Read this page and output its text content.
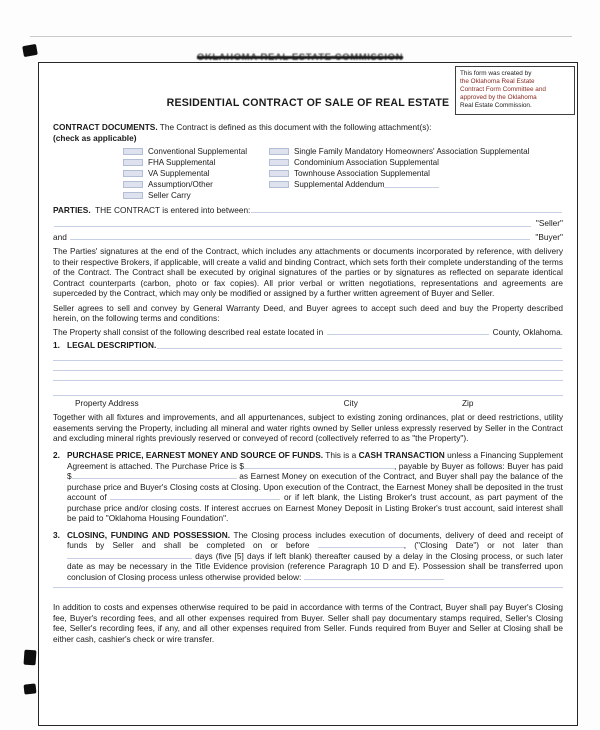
OKLAHOMA REAL ESTATE COMMISSION
This form was created by
the Oklahoma Real Estate
Contract Form Committee and
approved by the Oklahoma
Real Estate Commission.
RESIDENTIAL CONTRACT OF SALE OF REAL ESTATE

CONTRACT DOCUMENTS. The Contract is defined as this document with the following attachment(s):
(check as applicable)

Conventional Supplemental
FHA Supplemental
VA Supplemental
Assumption/Other
Seller Carry
Single Family Mandatory Homeowners' Association Supplemental
Condominium Association Supplemental
Townhouse Association Supplemental
Supplemental Addendum
PARTIES. THE CONTRACT is entered into between:
"Seller"
and	"Buyer"

The Parties' signatures at the end of the Contract, which includes any attachments or documents incorporated by reference, with delivery to their respective Brokers, if applicable, will create a valid and binding Contract, which sets forth their complete understanding of the terms of the Contract. The Contract shall be executed by original signatures of the parties or by signatures as reflected on separate identical Contract counterparts (carbon, photo or fax copies). All prior verbal or written negotiations, representations and agreements are superceded by the Contract, which may only be modified or assigned by a further written agreement of Buyer and Seller.

Seller agrees to sell and convey by General Warranty Deed, and Buyer agrees to accept such deed and buy the Property described herein, on the following terms and conditions:

The Property shall consist of the following described real estate located in	County, Oklahoma.
1. LEGAL DESCRIPTION.
Property Address	City	Zip

Together with all fixtures and improvements, and all appurtenances, subject to existing zoning ordinances, plat or deed restrictions, utility easements serving the Property, including all mineral and water rights owned by Seller unless expressly reserved by Seller in the Contract and excluding mineral rights previously reserved or conveyed of record (collectively referred to as "the Property").

2. PURCHASE PRICE, EARNEST MONEY AND SOURCE OF FUNDS. This is a CASH TRANSACTION unless a Financing Supplement Agreement is attached. The Purchase Price is $	, payable by Buyer as follows: Buyer has paid $	as Earnest Money on execution of the Contract, and Buyer shall pay the balance of the purchase price and Buyer's Closing costs at Closing. Upon execution of the Contract, the Earnest Money shall be deposited in the trust account of	or if left blank, the Listing Broker's trust account, as part payment of the purchase price and/or closing costs. If interest accrues on Earnest Money Deposit in Listing Broker's trust account, said interest shall be paid to "Oklahoma Housing Foundation".
3. CLOSING, FUNDING AND POSSESSION. The Closing process includes execution of documents, delivery of deed and receipt of funds by Seller and shall be completed on or before	, ("Closing Date") or not later than  days (five [5] days if left blank) thereafter caused by a delay in the Closing process, or such later date as may be necessary in the Title Evidence provision (reference Paragraph 10 D and E). Possession shall be transferred upon conclusion of Closing process unless otherwise provided below:

In addition to costs and expenses otherwise required to be paid in accordance with terms of the Contract, Buyer shall pay Buyer's Closing fee, Buyer's recording fees, and all other expenses required from Buyer. Seller shall pay documentary stamps required, Seller's Closing fee, Seller's recording fees, if any, and all other expenses required from Seller. Funds required from Buyer and Seller at Closing shall be either cash, cashier's check or wire transfer.
